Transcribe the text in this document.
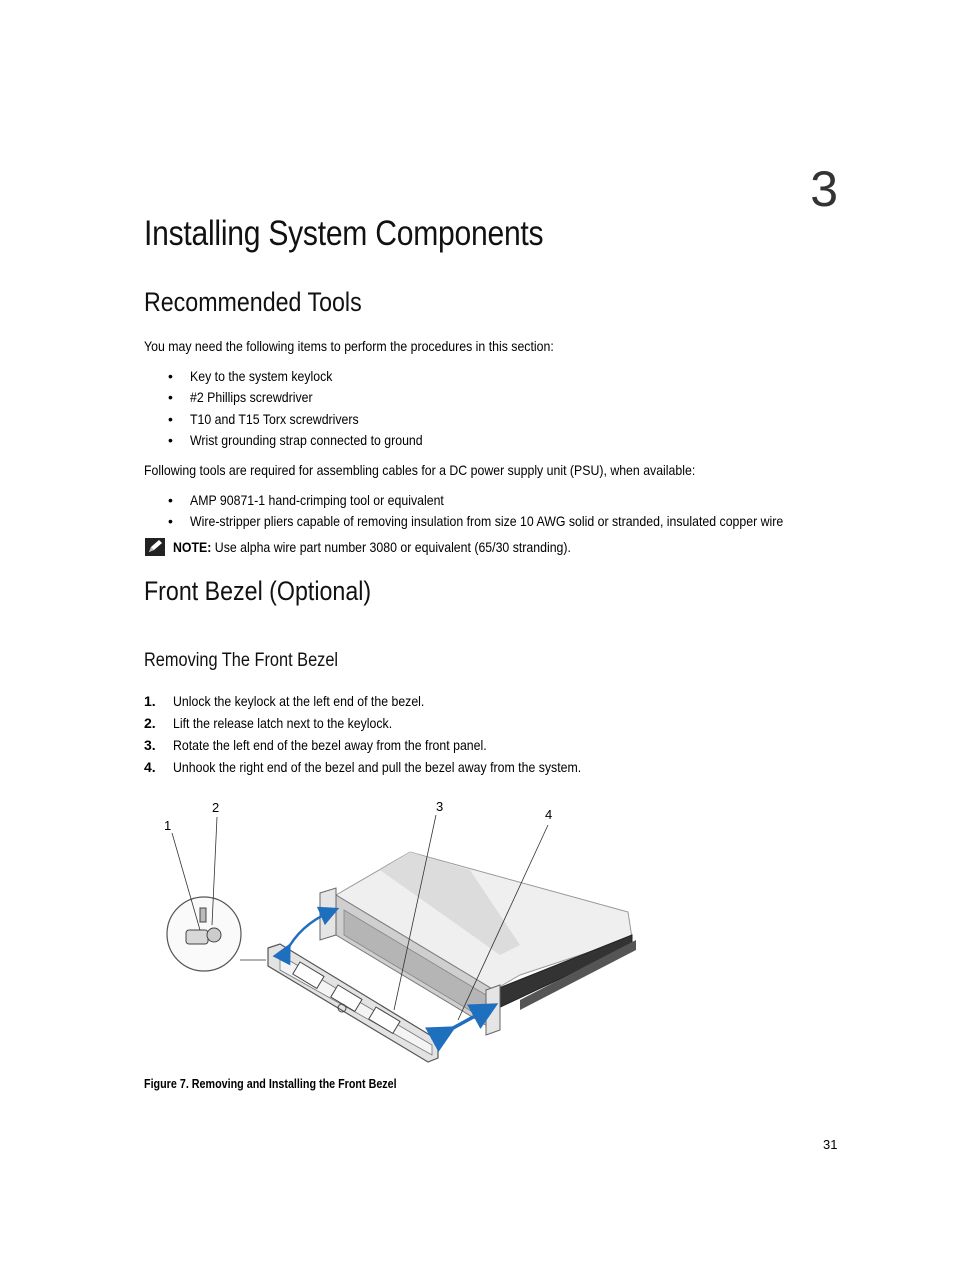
3
Installing System Components
Recommended Tools
You may need the following items to perform the procedures in this section:
• Key to the system keylock
• #2 Phillips screwdriver
• T10 and T15 Torx screwdrivers
• Wrist grounding strap connected to ground
Following tools are required for assembling cables for a DC power supply unit (PSU), when available:
• AMP 90871-1 hand-crimping tool or equivalent
• Wire-stripper pliers capable of removing insulation from size 10 AWG solid or stranded, insulated copper wire
NOTE: Use alpha wire part number 3080 or equivalent (65/30 stranding).
Front Bezel (Optional)
Removing The Front Bezel
1. Unlock the keylock at the left end of the bezel.
2. Lift the release latch next to the keylock.
3. Rotate the left end of the bezel away from the front panel.
4. Unhook the right end of the bezel and pull the bezel away from the system.
1
2	3
4
Figure 7. Removing and Installing the Front Bezel
31
